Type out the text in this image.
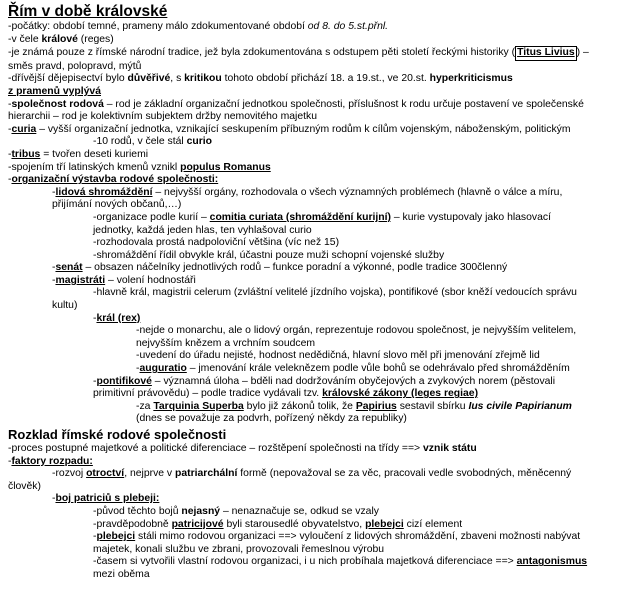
Řím v době královské
-počátky: období temné, prameny málo zdokumentované období od 8. do 5.st.přnl.
-v čele králové (reges)
-je známá pouze z římské národní tradice, jež byla zdokumentována s odstupem pěti století řeckými historiky ( Titus Livius ) –
směs pravd, polopravd, mýtů
-dřívější dějepisectví bylo důvěřivé, s kritikou tohoto období přichází 18. a 19.st., ve 20.st. hyperkriticismus
z pramenů vyplývá
-společnost rodová – rod je základní organizační jednotkou společnosti, příslušnost k rodu určuje postavení ve společenské
hierarchii – rod je kolektivním subjektem držby nemovitého majetku
-curia – vyšší organizační jednotka, vznikající seskupením příbuzným rodům k cílům vojenským, náboženským, politickým
-10 rodů, v čele stál curio
-tribus = tvořen deseti kuriemi
-spojením tří latinských kmenů vznikl populus Romanus
-organizační výstavba rodové společnosti:
-lidová shromáždění – nejvyšší orgány, rozhodovala o všech významných problémech (hlavně o válce a míru,
přijímání nových občanů,…)
-organizace podle kurií – comitia curiata (shromáždění kurijní) – kurie vystupovaly jako hlasovací
jednotky, každá jeden hlas, ten vyhlašoval curio
-rozhodovala prostá nadpoloviční většina (víc než 15)
-shromáždění řídil obvykle král, účastni pouze muži schopní vojenské služby
-senát – obsazen náčelníky jednotlivých rodů – funkce poradní a výkonné, podle tradice 300členný
-magistráti – volení hodnostáři
-hlavně král, magistrii celerum (zvláštní velitelé jízdního vojska), pontifikové (sbor kněží vedoucích správu
kultu)
-král (rex)
-nejde o monarchu, ale o lidový orgán, reprezentuje rodovou společnost, je nejvyšším velitelem,
nejvyšším knězem a vrchním soudcem
-uvedení do úřadu nejisté, hodnost nedědičná, hlavní slovo měl při jmenování zřejmě lid
-auguratio – jmenování krále veleknězem podle vůle bohů se odehrávalo před shromážděním
-pontifikové – významná úloha – bděli nad dodržováním obyčejových a zvykových norem (pěstovali
primitivní právovědu) – podle tradice vydávali tzv. královské zákony (leges regiae)
-za Tarquinia Superba bylo již zákonů tolik, že Papirius sestavil sbírku Ius civile Papirianum
(dnes se považuje za podvrh, pořízený někdy za republiky)
Rozklad římské rodové společnosti
-proces postupné majetkové a politické diferenciace – rozštěpení společnosti na třídy ==> vznik státu
-faktory rozpadu:
-rozvoj otroctví, nejprve v patriarchální formě (nepovažoval se za věc, pracovali vedle svobodných, měněcenný
člověk)
-boj patriciů s plebeji:
-původ těchto bojů nejasný – nenaznačuje se, odkud se vzaly
-pravděpodobně patricijové byli starousedlé obyvatelstvo, plebejci cizí element
-plebejci stáli mimo rodovou organizaci ==> vyloučení z lidových shromáždění, zbaveni možnosti nabývat
majetek, konali službu ve zbrani, provozovali řemeslnou výrobu
-časem si vytvořili vlastní rodovou organizaci, i u nich probíhala majetková diferenciace ==> antagonismus
mezi oběma
